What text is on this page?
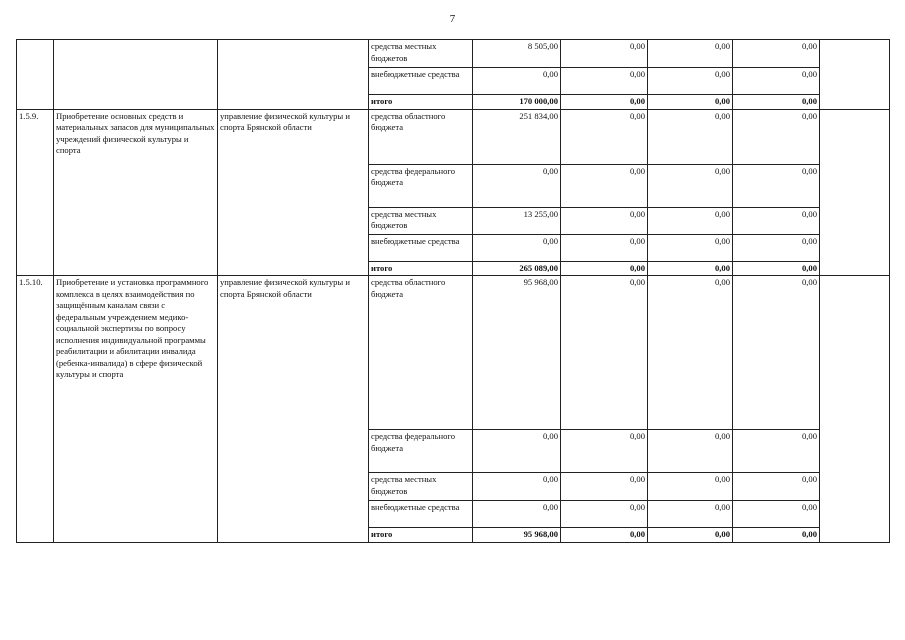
7
			средства местных бюджетов	8 505,00	0,00	0,00	0,00	
			внебюджетные средства	0,00	0,00	0,00	0,00	
			итого	170 000,00	0,00	0,00	0,00	
1.5.9.	Приобретение основных средств и материальных запасов для муниципальных учреждений физической культуры и спорта	управление физической культуры и спорта Брянской области	средства областного бюджета	251 834,00	0,00	0,00	0,00	
			средства федерального бюджета	0,00	0,00	0,00	0,00	
			средства местных бюджетов	13 255,00	0,00	0,00	0,00	
			внебюджетные средства	0,00	0,00	0,00	0,00	
			итого	265 089,00	0,00	0,00	0,00	
1.5.10.	Приобретение и установка программного комплекса в целях взаимодействия по защищённым каналам связи с федеральным учреждением медико-социальной экспертизы по вопросу исполнения индивидуальной программы реабилитации и абилитации инвалида (ребенка-инвалида) в сфере физической культуры и спорта	управление физической культуры и спорта Брянской области	средства областного бюджета	95 968,00	0,00	0,00	0,00	
			средства федерального бюджета	0,00	0,00	0,00	0,00	
			средства местных бюджетов	0,00	0,00	0,00	0,00	
			внебюджетные средства	0,00	0,00	0,00	0,00	
			итого	95 968,00	0,00	0,00	0,00	
